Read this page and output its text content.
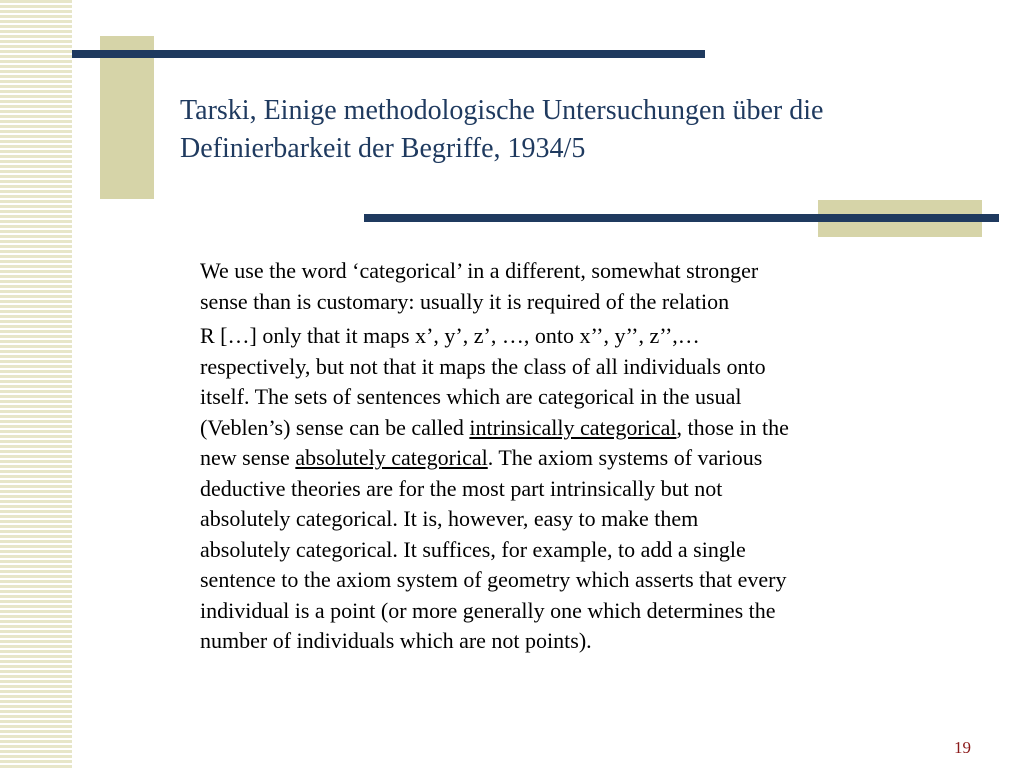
Tarski, Einige methodologische Untersuchungen über die
Definierbarkeit der Begriffe, 1934/5
We use the word ‘categorical’ in a different, somewhat stronger
sense than is customary: usually it is required of the relation
R […] only that it maps x’, y’, z’, …, onto x’’, y’’, z’’,…
respectively, but not that it maps the class of all individuals onto
itself. The sets of sentences which are categorical in the usual
(Veblen’s) sense can be called intrinsically categorical, those in the
new sense absolutely categorical. The axiom systems of various
deductive theories are for the most part intrinsically but not
absolutely categorical. It is, however, easy to make them
absolutely categorical. It suffices, for example, to add a single
sentence to the axiom system of geometry which asserts that every
individual is a point (or more generally one which determines the
number of individuals which are not points).
19
